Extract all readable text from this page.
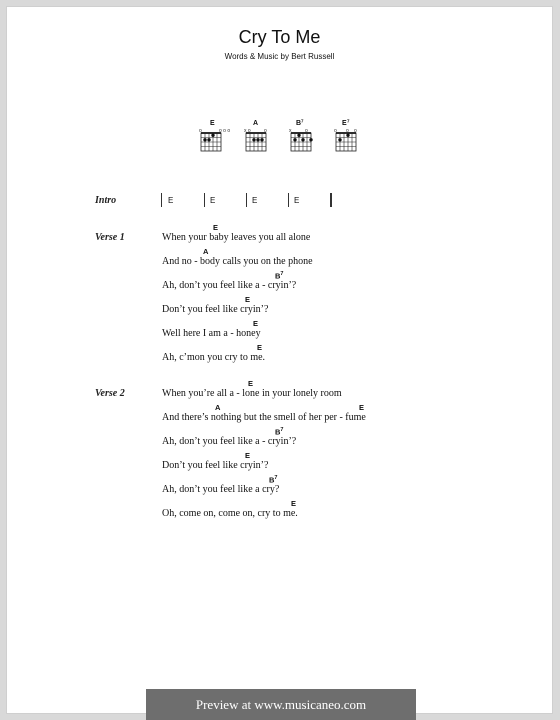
Cry To Me
Words & Music by Bert Russell
E
o	o o o
A
x o	o
B 7
x	o
E 7
o o o
Intro	E	E	E	E
Verse 1
E
When your baby leaves you all alone
A
And no - body calls you on the phone
$B^7$
Ah, don’t you feel like a - cryin’?
E
Don’t you feel like cryin’?
E
Well here I am a - honey
E
Ah, c’mon you cry to me.
Verse 2
E
When you’re all a - lone in your lonely room
A	E
And there’s nothing but the smell of her per - fume
$B^7$
Ah, don’t you feel like a - cryin’?
E
Don’t you feel like cryin’?
$B^7$
Ah, don’t you feel like a cry?
E
Oh, come on, come on, cry to me.
Preview at www.musicaneo.com
